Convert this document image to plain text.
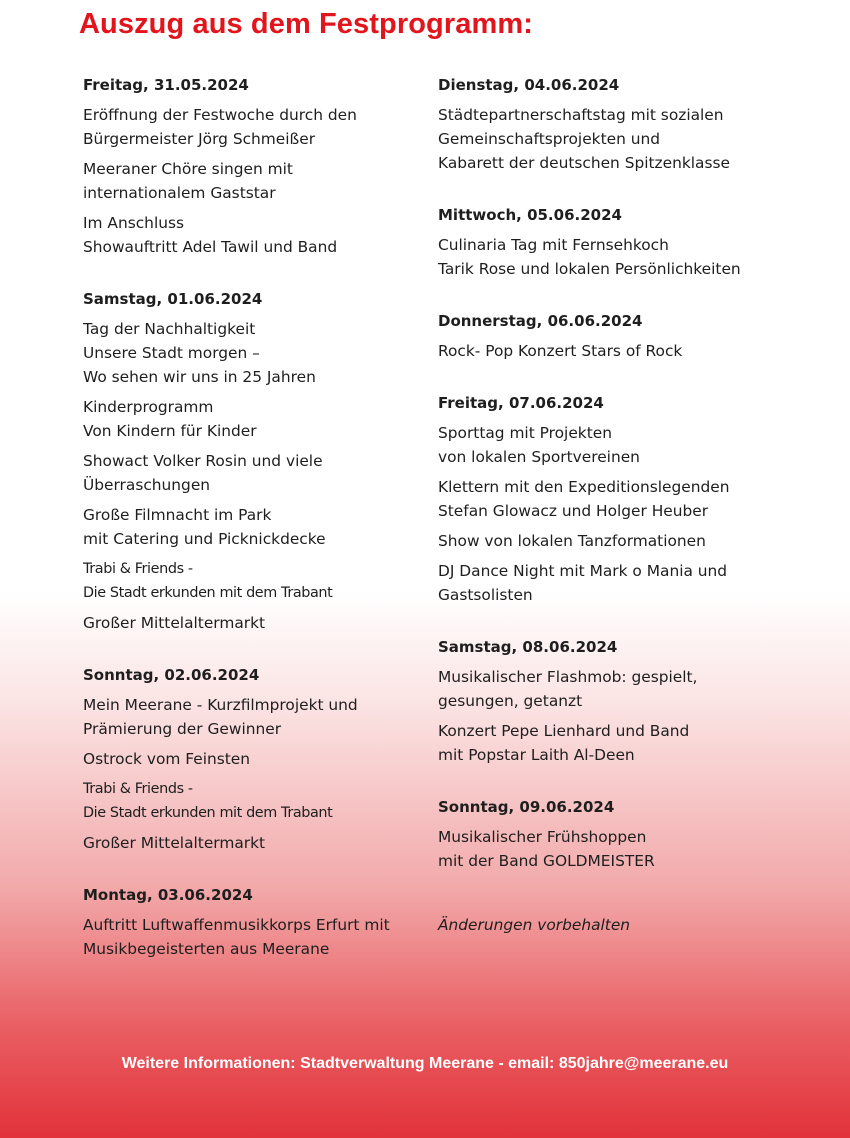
Auszug aus dem Festprogramm:
Freitag, 31.05.2024
Eröffnung der Festwoche durch den
Bürgermeister Jörg Schmeißer
Meeraner Chöre singen mit
internationalem Gaststar
Im Anschluss
Showauftritt Adel Tawil und Band
Samstag, 01.06.2024
Tag der Nachhaltigkeit
Unsere Stadt morgen –
Wo sehen wir uns in 25 Jahren
Kinderprogramm
Von Kindern für Kinder
Showact Volker Rosin und viele
Überraschungen
Große Filmnacht im Park
mit Catering und Picknickdecke
Trabi & Friends -
Die Stadt erkunden mit dem Trabant
Großer Mittelaltermarkt
Sonntag, 02.06.2024
Mein Meerane - Kurzfilmprojekt und
Prämierung der Gewinner
Ostrock vom Feinsten
Trabi & Friends -
Die Stadt erkunden mit dem Trabant
Großer Mittelaltermarkt
Montag, 03.06.2024
Auftritt Luftwaffenmusikkorps Erfurt mit
Musikbegeisterten aus Meerane
Dienstag, 04.06.2024
Städtepartnerschaftstag mit sozialen
Gemeinschaftsprojekten und
Kabarett der deutschen Spitzenklasse
Mittwoch, 05.06.2024
Culinaria Tag mit Fernsehkoch
Tarik Rose und lokalen Persönlichkeiten
Donnerstag, 06.06.2024
Rock- Pop Konzert Stars of Rock
Freitag, 07.06.2024
Sporttag mit Projekten
von lokalen Sportvereinen
Klettern mit den Expeditionslegenden
Stefan Glowacz und Holger Heuber
Show von lokalen Tanzformationen
DJ Dance Night mit Mark o Mania und
Gastsolisten
Samstag, 08.06.2024
Musikalischer Flashmob: gespielt,
gesungen, getanzt
Konzert Pepe Lienhard und Band
mit Popstar Laith Al-Deen
Sonntag, 09.06.2024
Musikalischer Frühshoppen
mit der Band GOLDMEISTER
Änderungen vorbehalten
Weitere Informationen: Stadtverwaltung Meerane - email: 850jahre@meerane.eu
